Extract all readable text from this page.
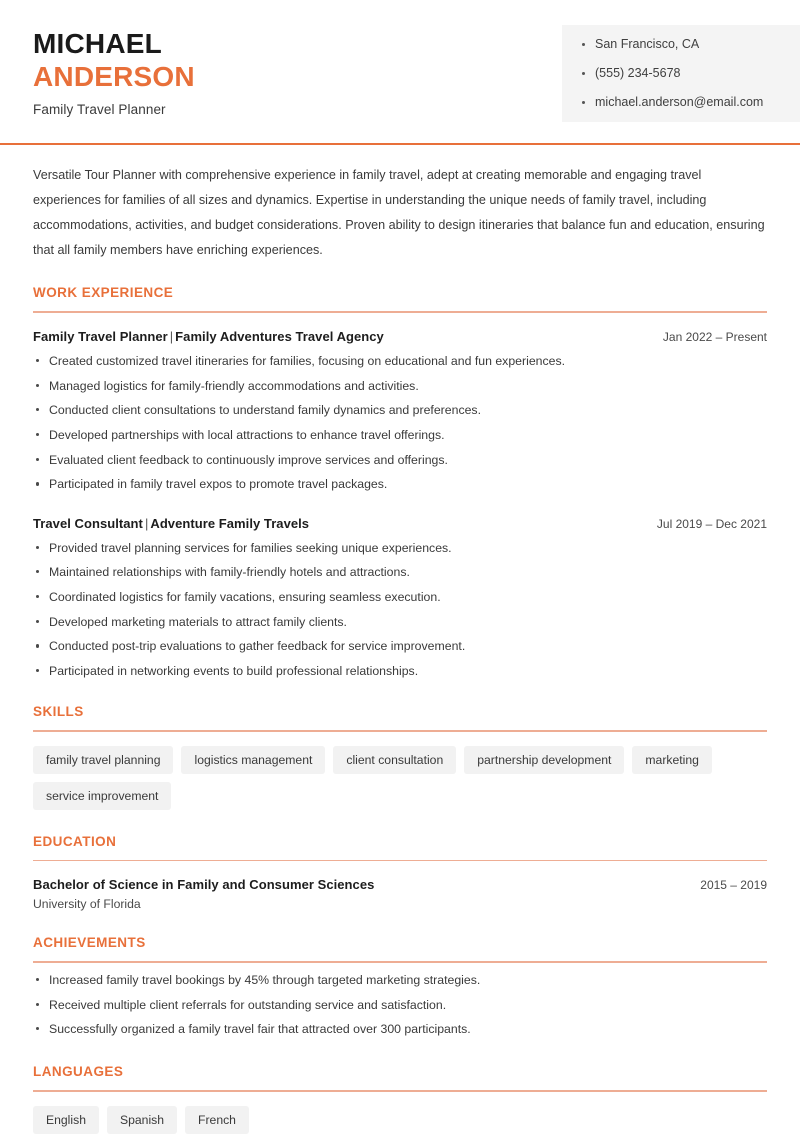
MICHAEL
ANDERSON
Family Travel Planner
San Francisco, CA
(555) 234-5678
michael.anderson@email.com

Versatile Tour Planner with comprehensive experience in family travel, adept at creating memorable and engaging travel experiences for families of all sizes and dynamics. Expertise in understanding the unique needs of family travel, including accommodations, activities, and budget considerations. Proven ability to design itineraries that balance fun and education, ensuring that all family members have enriching experiences.

WORK EXPERIENCE
Family Travel Planner | Family Adventures Travel Agency	Jan 2022 – Present
Created customized travel itineraries for families, focusing on educational and fun experiences.
Managed logistics for family-friendly accommodations and activities.
Conducted client consultations to understand family dynamics and preferences.
Developed partnerships with local attractions to enhance travel offerings.
Evaluated client feedback to continuously improve services and offerings.
Participated in family travel expos to promote travel packages.
Travel Consultant | Adventure Family Travels	Jul 2019 – Dec 2021
Provided travel planning services for families seeking unique experiences.
Maintained relationships with family-friendly hotels and attractions.
Coordinated logistics for family vacations, ensuring seamless execution.
Developed marketing materials to attract family clients.
Conducted post-trip evaluations to gather feedback for service improvement.
Participated in networking events to build professional relationships.
SKILLS
family travel planning	logistics management	client consultation	partnership development	marketing
service improvement
EDUCATION
Bachelor of Science in Family and Consumer Sciences	2015 – 2019
University of Florida
ACHIEVEMENTS
Increased family travel bookings by 45% through targeted marketing strategies.
Received multiple client referrals for outstanding service and satisfaction.
Successfully organized a family travel fair that attracted over 300 participants.
LANGUAGES
English	Spanish	French
